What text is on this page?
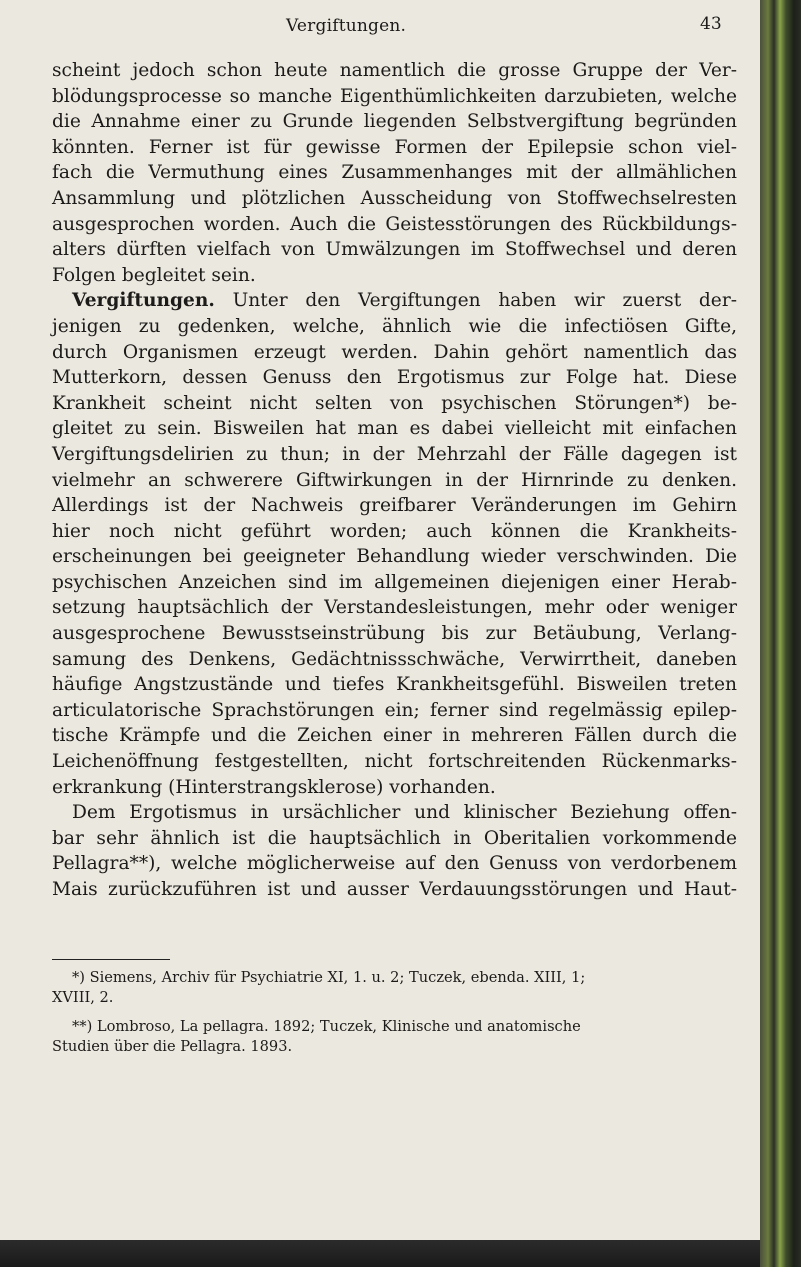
Vergiftungen.	43
scheint jedoch schon heute namentlich die grosse Gruppe der Ver-
blödungsprocesse so manche Eigenthümlichkeiten darzubieten, welche
die Annahme einer zu Grunde liegenden Selbstvergiftung begründen
könnten. Ferner ist für gewisse Formen der Epilepsie schon viel-
fach die Vermuthung eines Zusammenhanges mit der allmählichen
Ansammlung und plötzlichen Ausscheidung von Stoffwechselresten
ausgesprochen worden. Auch die Geistesstörungen des Rückbildungs-
alters dürften vielfach von Umwälzungen im Stoffwechsel und deren
Folgen begleitet sein.
Vergiftungen. Unter den Vergiftungen haben wir zuerst der-
jenigen zu gedenken, welche, ähnlich wie die infectiösen Gifte,
durch Organismen erzeugt werden. Dahin gehört namentlich das
Mutterkorn, dessen Genuss den Ergotismus zur Folge hat. Diese
Krankheit scheint nicht selten von psychischen Störungen*) be-
gleitet zu sein. Bisweilen hat man es dabei vielleicht mit einfachen
Vergiftungsdelirien zu thun; in der Mehrzahl der Fälle dagegen ist
vielmehr an schwerere Giftwirkungen in der Hirnrinde zu denken.
Allerdings ist der Nachweis greifbarer Veränderungen im Gehirn
hier noch nicht geführt worden; auch können die Krankheits-
erscheinungen bei geeigneter Behandlung wieder verschwinden. Die
psychischen Anzeichen sind im allgemeinen diejenigen einer Herab-
setzung hauptsächlich der Verstandesleistungen, mehr oder weniger
ausgesprochene Bewusstseinstrübung bis zur Betäubung, Verlang-
samung des Denkens, Gedächtnissschwäche, Verwirrtheit, daneben
häufige Angstzustände und tiefes Krankheitsgefühl. Bisweilen treten
articulatorische Sprachstörungen ein; ferner sind regelmässig epilep-
tische Krämpfe und die Zeichen einer in mehreren Fällen durch die
Leichenöffnung festgestellten, nicht fortschreitenden Rückenmarks-
erkrankung (Hinterstrangsklerose) vorhanden.
Dem Ergotismus in ursächlicher und klinischer Beziehung offen-
bar sehr ähnlich ist die hauptsächlich in Oberitalien vorkommende
Pellagra**), welche möglicherweise auf den Genuss von verdorbenem
Mais zurückzuführen ist und ausser Verdauungsstörungen und Haut-
*) Siemens, Archiv für Psychiatrie XI, 1. u. 2; Tuczek, ebenda. XIII, 1;
XVIII, 2.
**) Lombroso, La pellagra. 1892; Tuczek, Klinische und anatomische
Studien über die Pellagra. 1893.
